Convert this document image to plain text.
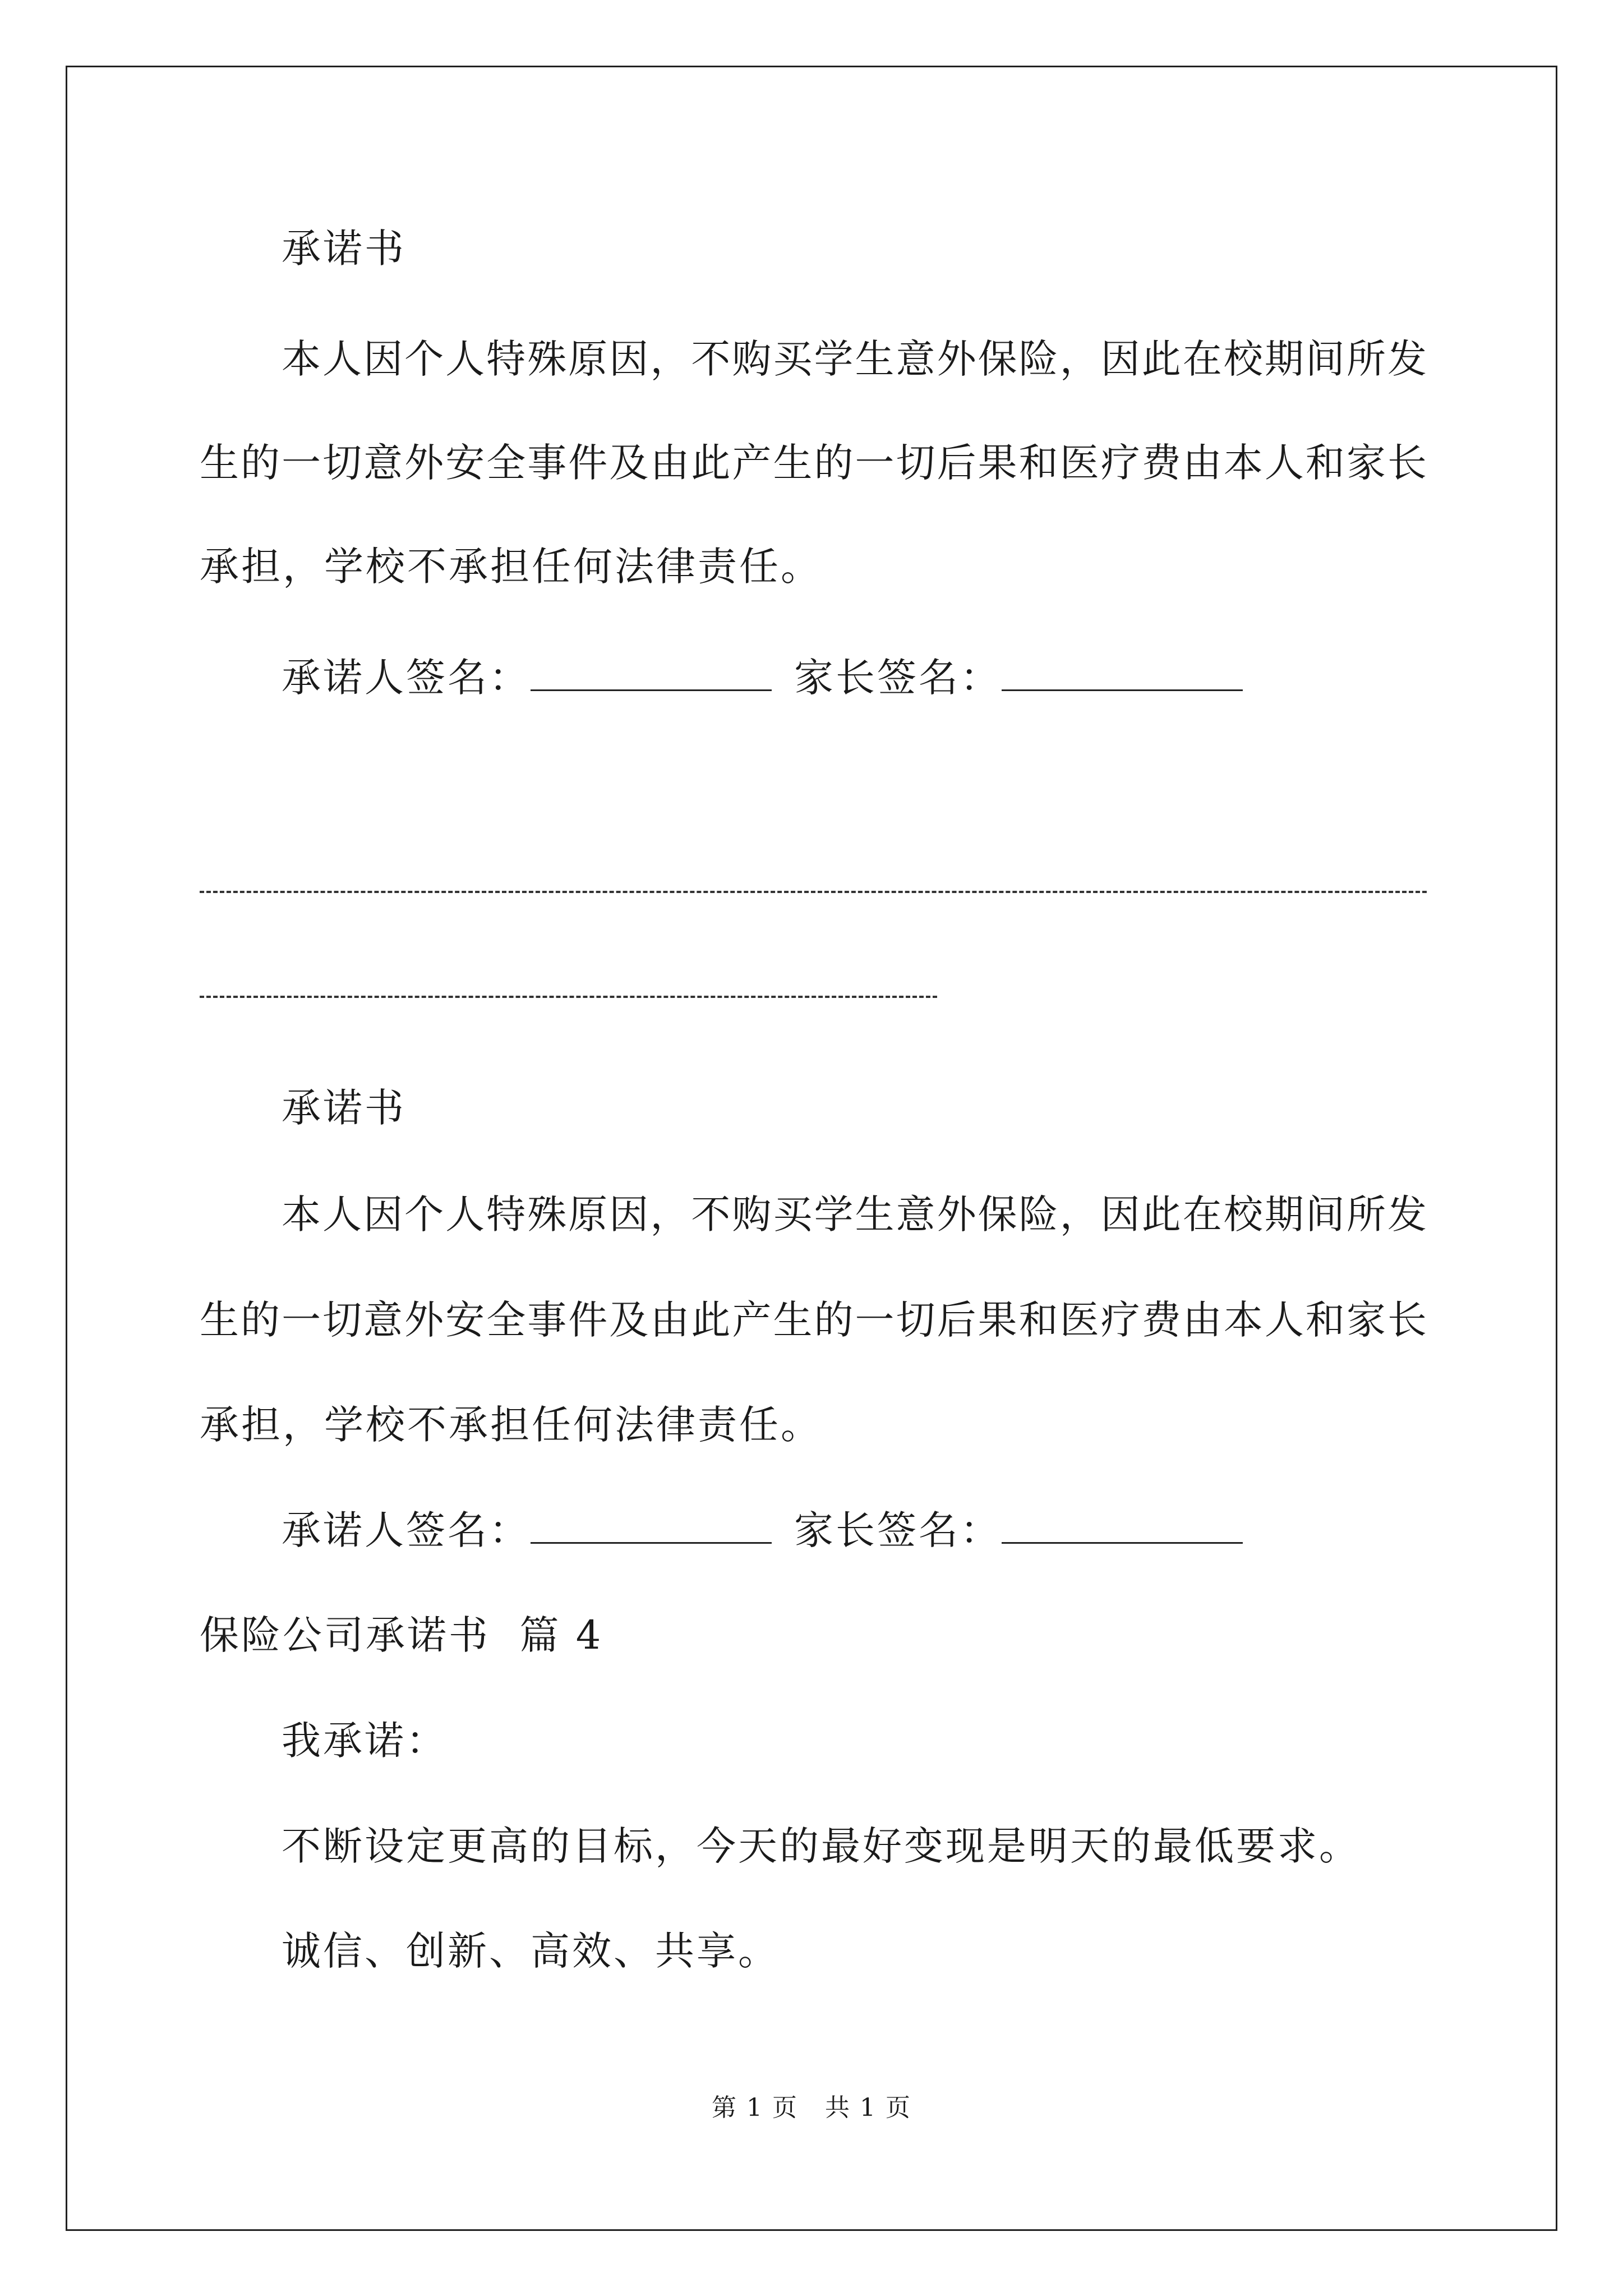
承诺书
本人因个人特殊原因，不购买学生意外保险，因此在校期间所发
生的一切意外安全事件及由此产生的一切后果和医疗费由本人和家长
承担，学校不承担任何法律责任。
承诺人签名：	家长签名：
承诺书
本人因个人特殊原因，不购买学生意外保险，因此在校期间所发
生的一切意外安全事件及由此产生的一切后果和医疗费由本人和家长
承担，学校不承担任何法律责任。
承诺人签名：	家长签名：
保险公司承诺书  篇 4
我承诺：
不断设定更高的目标，今天的最好变现是明天的最低要求。
诚信、创新、高效、共享。
第 1 页   共 1 页
